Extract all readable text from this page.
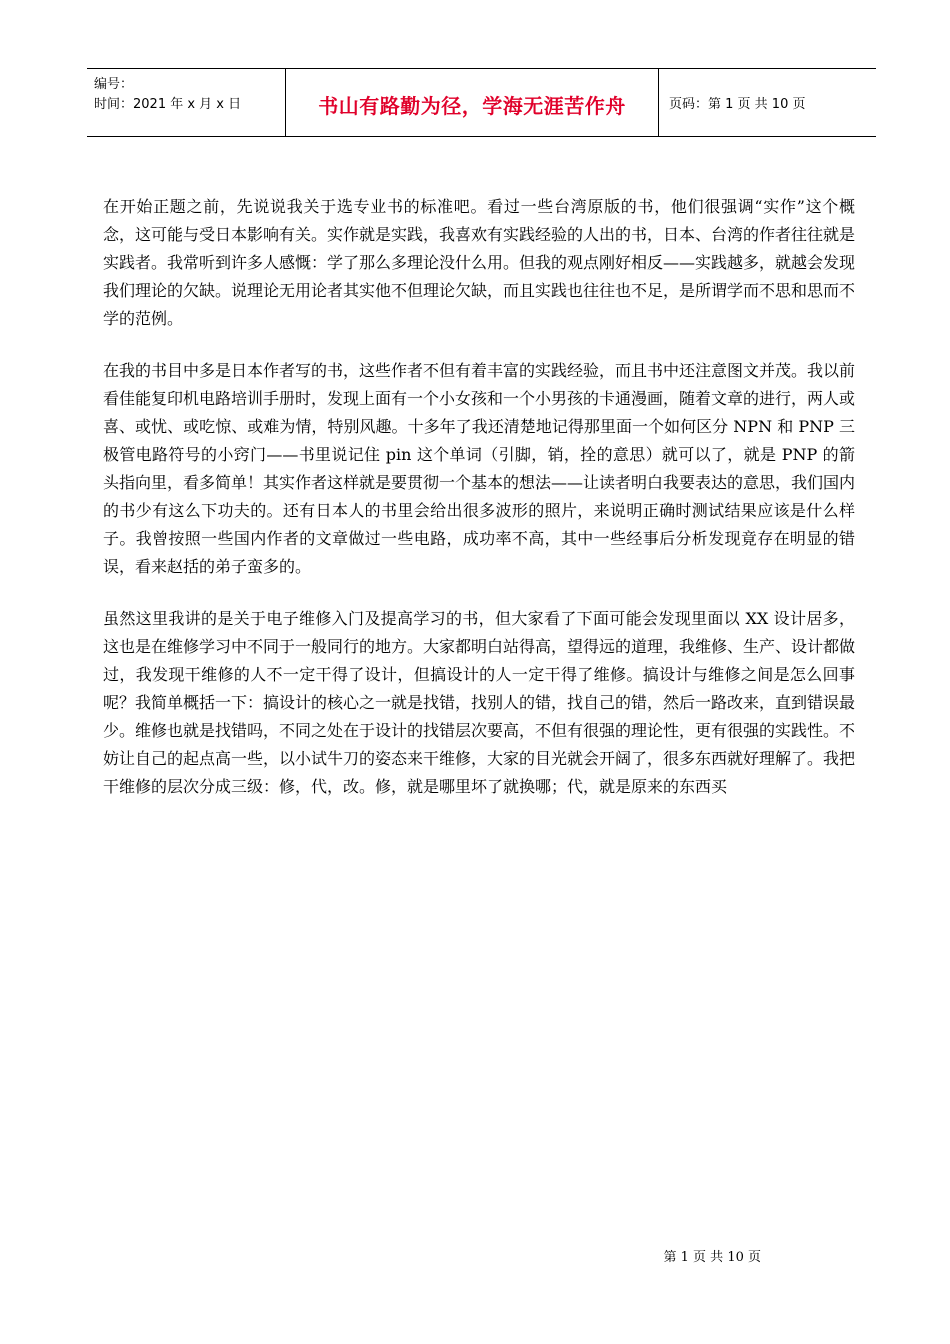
编号：
时间：2021 年 x 月 x 日	书山有路勤为径，学海无涯苦作舟	页码：第 1 页 共 10 页

在开始正题之前，先说说我关于选专业书的标准吧。看过一些台湾原版的书，他们很强调“实作”这个概念，这可能与受日本影响有关。实作就是实践，我喜欢有实践经验的人出的书，日本、台湾的作者往往就是实践者。我常听到许多人感慨：学了那么多理论没什么用。但我的观点刚好相反——实践越多，就越会发现我们理论的欠缺。说理论无用论者其实他不但理论欠缺，而且实践也往往也不足，是所谓学而不思和思而不学的范例。

在我的书目中多是日本作者写的书，这些作者不但有着丰富的实践经验，而且书中还注意图文并茂。我以前看佳能复印机电路培训手册时，发现上面有一个小女孩和一个小男孩的卡通漫画，随着文章的进行，两人或喜、或忧、或吃惊、或难为情，特别风趣。十多年了我还清楚地记得那里面一个如何区分 NPN 和 PNP 三极管电路符号的小窍门——书里说记住 pin 这个单词（引脚，销，拴的意思）就可以了，就是 PNP 的箭头指向里，看多简单！其实作者这样就是要贯彻一个基本的想法——让读者明白我要表达的意思，我们国内的书少有这么下功夫的。还有日本人的书里会给出很多波形的照片，来说明正确时测试结果应该是什么样子。我曾按照一些国内作者的文章做过一些电路，成功率不高，其中一些经事后分析发现竟存在明显的错误，看来赵括的弟子蛮多的。

虽然这里我讲的是关于电子维修入门及提高学习的书，但大家看了下面可能会发现里面以 XX 设计居多，这也是在维修学习中不同于一般同行的地方。大家都明白站得高，望得远的道理，我维修、生产、设计都做过，我发现干维修的人不一定干得了设计，但搞设计的人一定干得了维修。搞设计与维修之间是怎么回事呢？我简单概括一下：搞设计的核心之一就是找错，找别人的错，找自己的错，然后一路改来，直到错误最少。维修也就是找错吗，不同之处在于设计的找错层次要高，不但有很强的理论性，更有很强的实践性。不妨让自己的起点高一些，以小试牛刀的姿态来干维修，大家的目光就会开阔了，很多东西就好理解了。我把干维修的层次分成三级：修，代，改。修，就是哪里坏了就换哪；代，就是原来的东西买

第 1 页 共 10 页
